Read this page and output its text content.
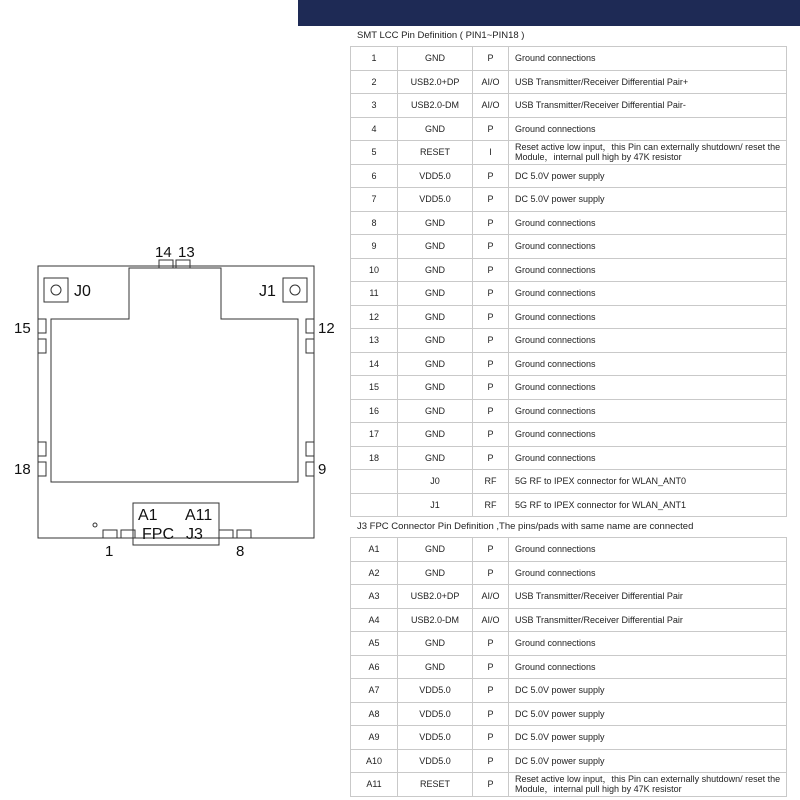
14 13
15
18
12
9
1	8
J0	J1
A1 A11
FPC J3
SMT LCC Pin Definition ( PIN1~PIN18 )
1	GND	P	Ground connections
2	USB2.0+DP	AI/O	USB Transmitter/Receiver Differential Pair+
3	USB2.0-DM	AI/O	USB Transmitter/Receiver Differential Pair-
4	GND	P	Ground connections
5	RESET	I	Reset active low input，this Pin can externally shutdown/ reset the Module，internal pull high by 47K resistor
6	VDD5.0	P	DC 5.0V power supply
7	VDD5.0	P	DC 5.0V power supply
8	GND	P	Ground connections
9	GND	P	Ground connections
10	GND	P	Ground connections
11	GND	P	Ground connections
12	GND	P	Ground connections
13	GND	P	Ground connections
14	GND	P	Ground connections
15	GND	P	Ground connections
16	GND	P	Ground connections
17	GND	P	Ground connections
18	GND	P	Ground connections
	J0	RF	5G RF to IPEX connector for WLAN_ANT0
	J1	RF	5G RF to IPEX connector for WLAN_ANT1
J3 FPC Connector Pin Definition ,The pins/pads with same name are connected
A1	GND	P	Ground connections
A2	GND	P	Ground connections
A3	USB2.0+DP	AI/O	USB Transmitter/Receiver Differential Pair
A4	USB2.0-DM	AI/O	USB Transmitter/Receiver Differential Pair
A5	GND	P	Ground connections
A6	GND	P	Ground connections
A7	VDD5.0	P	DC 5.0V power supply
A8	VDD5.0	P	DC 5.0V power supply
A9	VDD5.0	P	DC 5.0V power supply
A10	VDD5.0	P	DC 5.0V power supply
A11	RESET	P	Reset active low input，this Pin can externally shutdown/ reset the Module，internal pull high by 47K resistor
